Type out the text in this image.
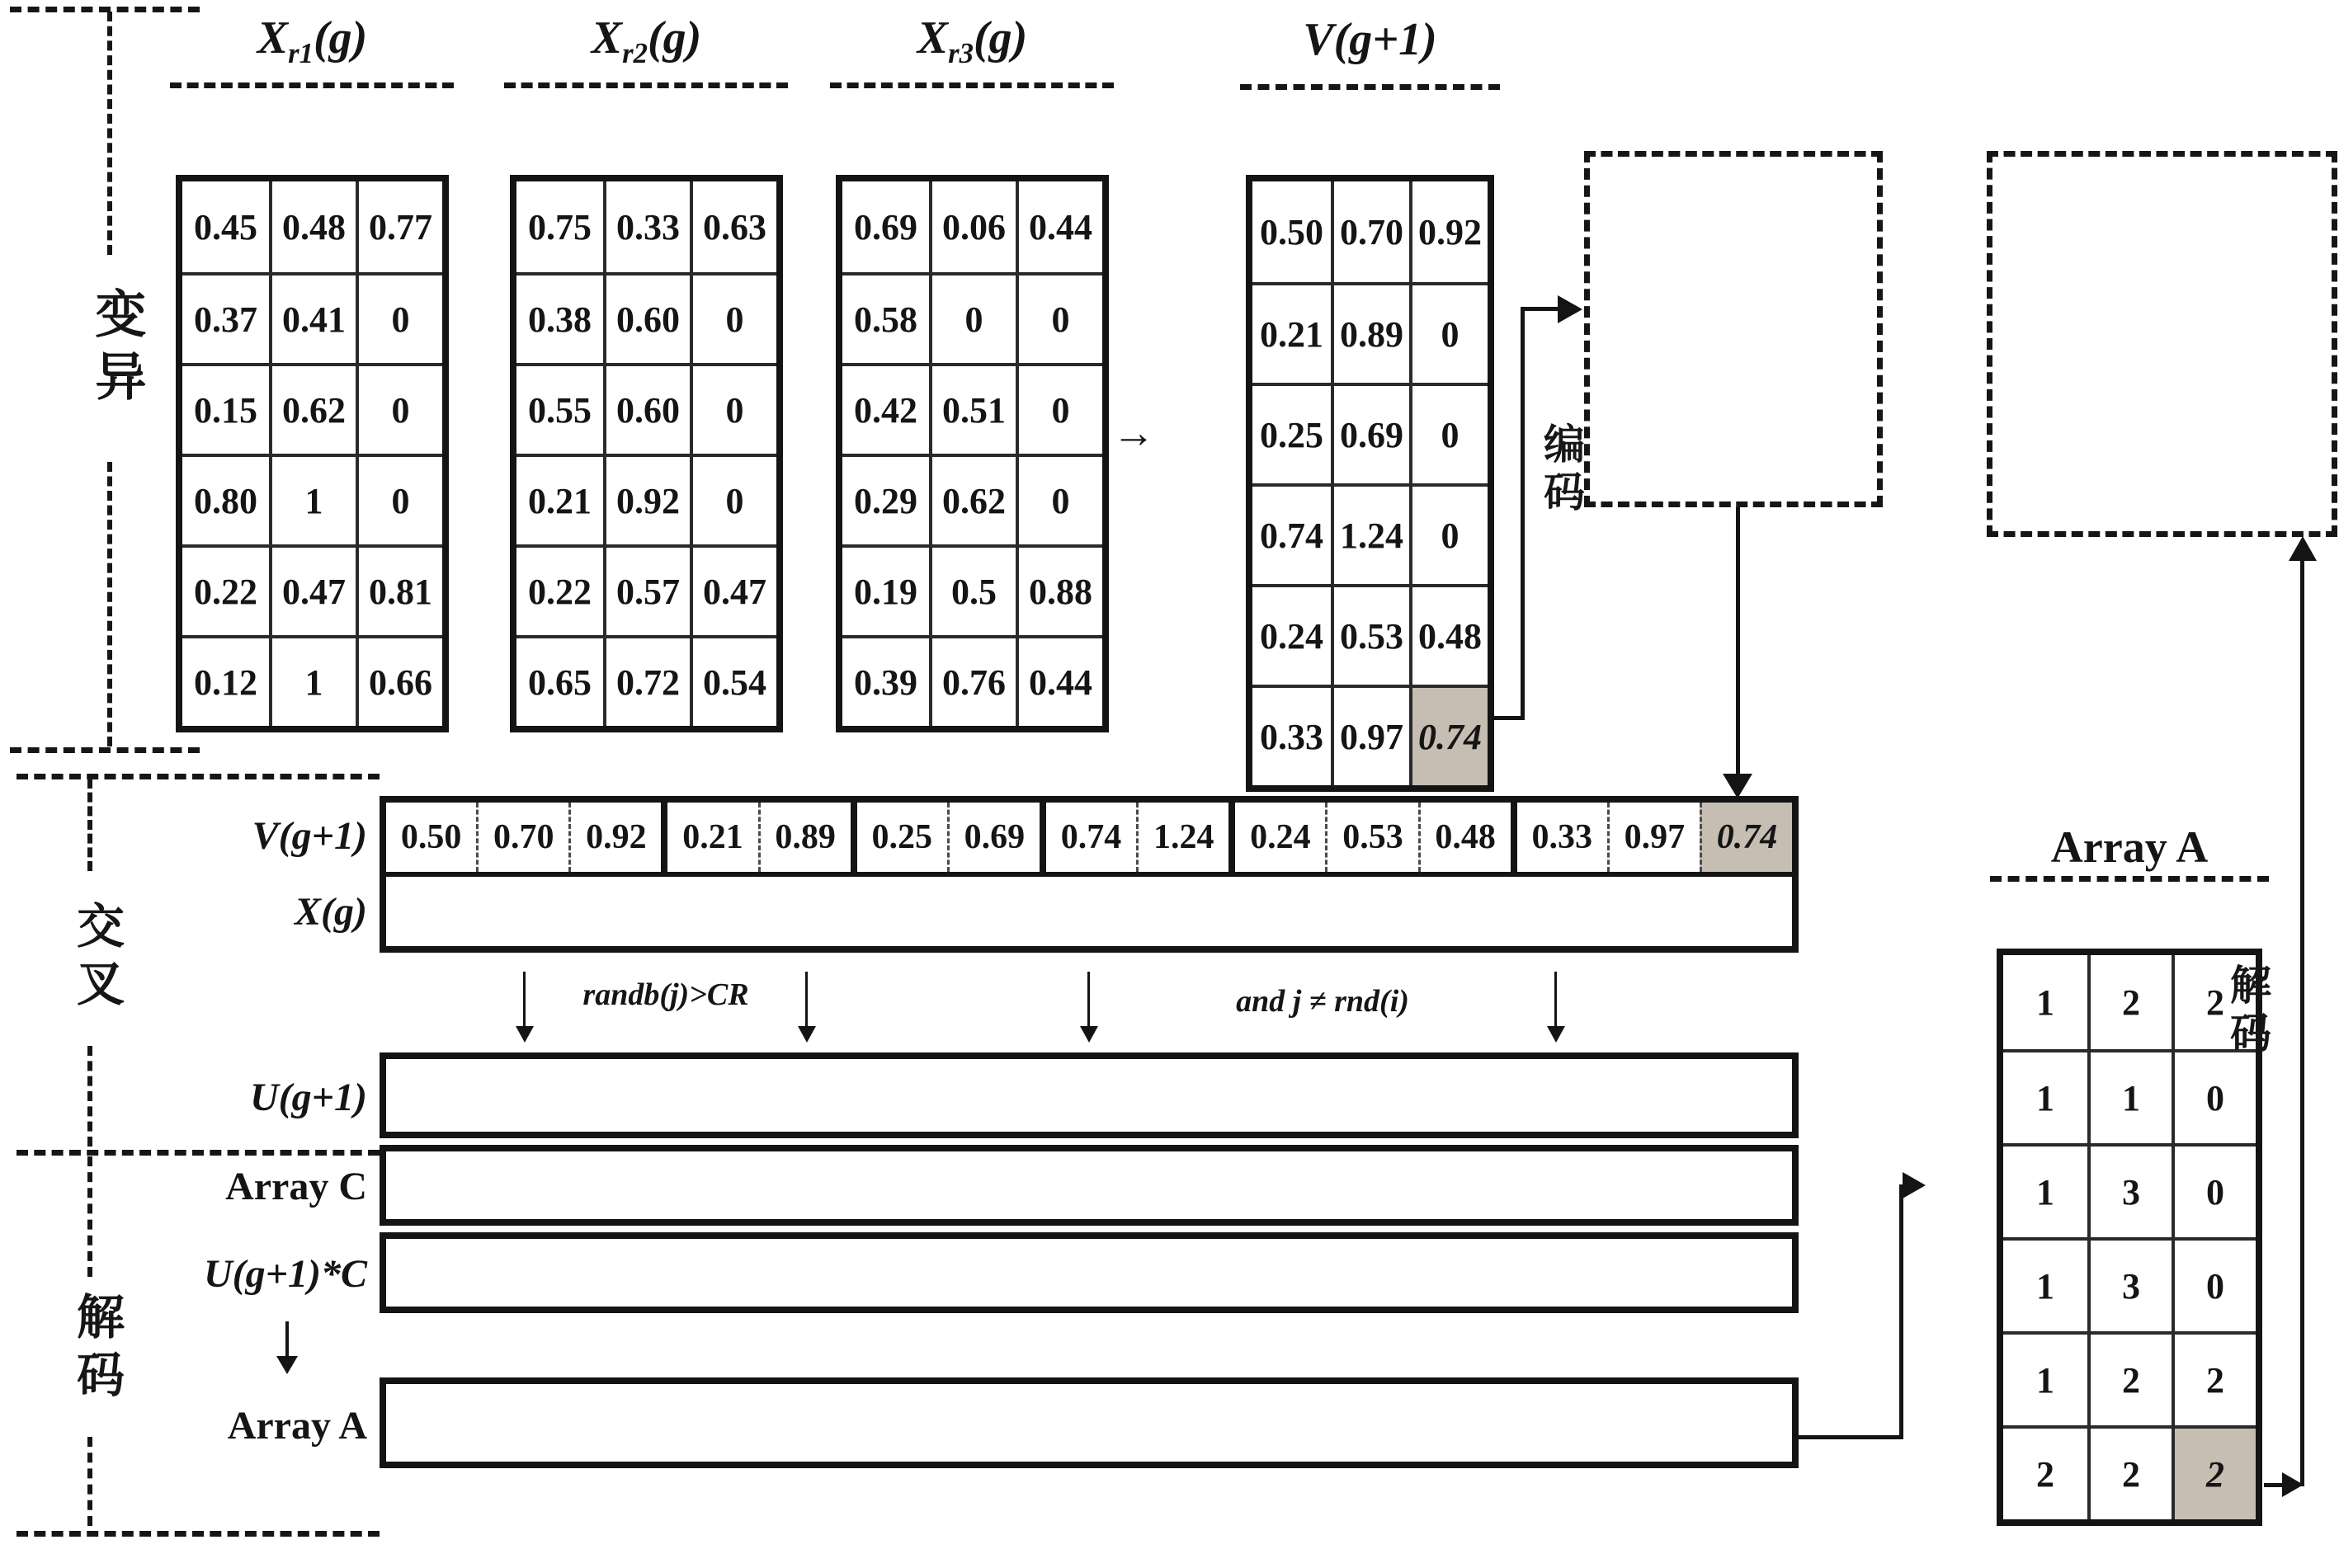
变异
交叉
解码
$X_{r1}(g)$
0.45 0.48 0.77
0.37 0.41	0
0.15 0.62	0
0.80	1	0
0.22 0.47 0.81
0.12	1	0.66
$X_{r2}(g)$
0.75 0.33 0.63
0.38 0.60	0
0.55 0.60	0
0.21 0.92	0
0.22 0.57 0.47
0.65 0.72 0.54
$X_{r3}(g)$
0.69 0.06 0.44
0.58	0	0
0.42 0.51	0
0.29 0.62	0
0.19 0.5 0.88
0.39 0.76 0.44
→
V(g+1)
0.50 0.70 0.92
0.21 0.89	0
0.25 0.69	0
0.74 1.24	0
0.24 0.53 0.48
0.33 0.97 0.74
编码
V(g+1)
X(g)
U(g+1)
Array C
U(g+1)*C
Array A
0.50 0.70 0.92	0.21 0.89	0.25 0.69	0.74 1.24	0.24 0.53 0.48	0.33 0.97 0.74
randb(j)>CR	and j ≠ rnd(i)
Array A
1	2	2
1	1	0
1	3	0
1	3	0
1	2	2
2	2	2
解码
